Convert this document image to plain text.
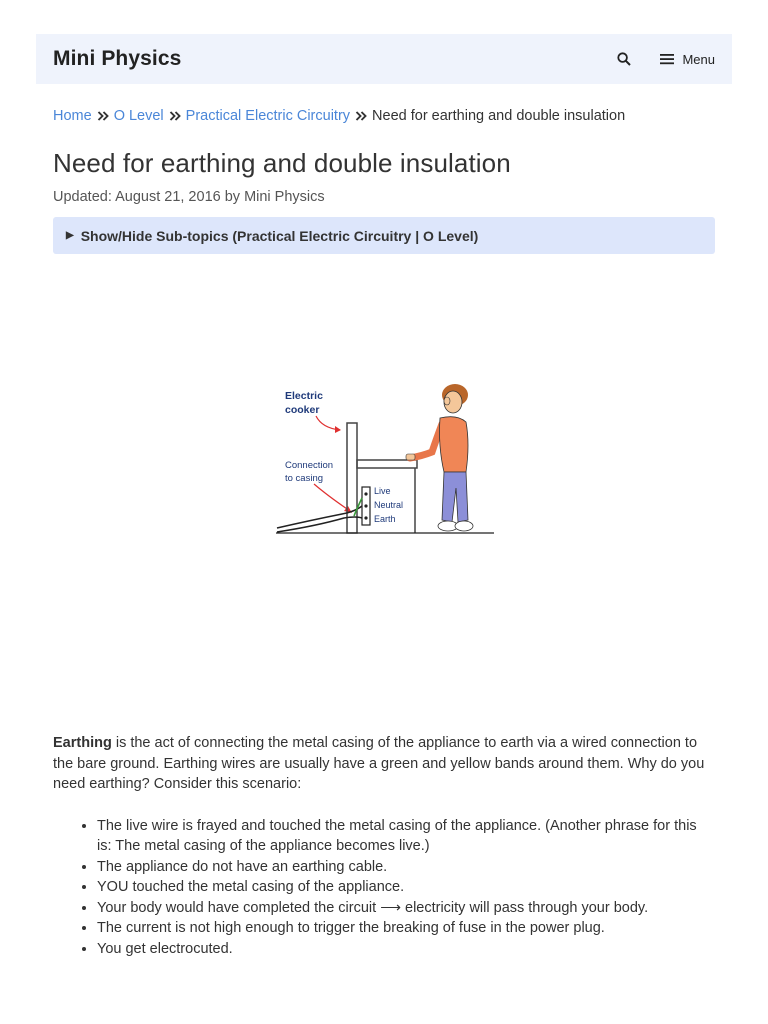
Mini Physics	Menu
Home O Level Practical Electric Circuitry Need for earthing and double insulation
Need for earthing and double insulation
Updated: August 21, 2016 by Mini Physics
▶ Show/Hide Sub-topics (Practical Electric Circuitry | O Level)
Electric
cooker
Connection
to casing
Live
Neutral
Earth

Earthing is the act of connecting the metal casing of the appliance to earth via a wired connection to the bare ground. Earthing wires are usually have a green and yellow bands around them. Why do you need earthing? Consider this scenario:

• The live wire is frayed and touched the metal casing of the appliance. (Another phrase for this is: The metal casing of the appliance becomes live.)
• The appliance do not have an earthing cable.
• YOU touched the metal casing of the appliance.
• Your body would have completed the circuit ⟶ electricity will pass through your body.
• The current is not high enough to trigger the breaking of fuse in the power plug.
• You get electrocuted.
